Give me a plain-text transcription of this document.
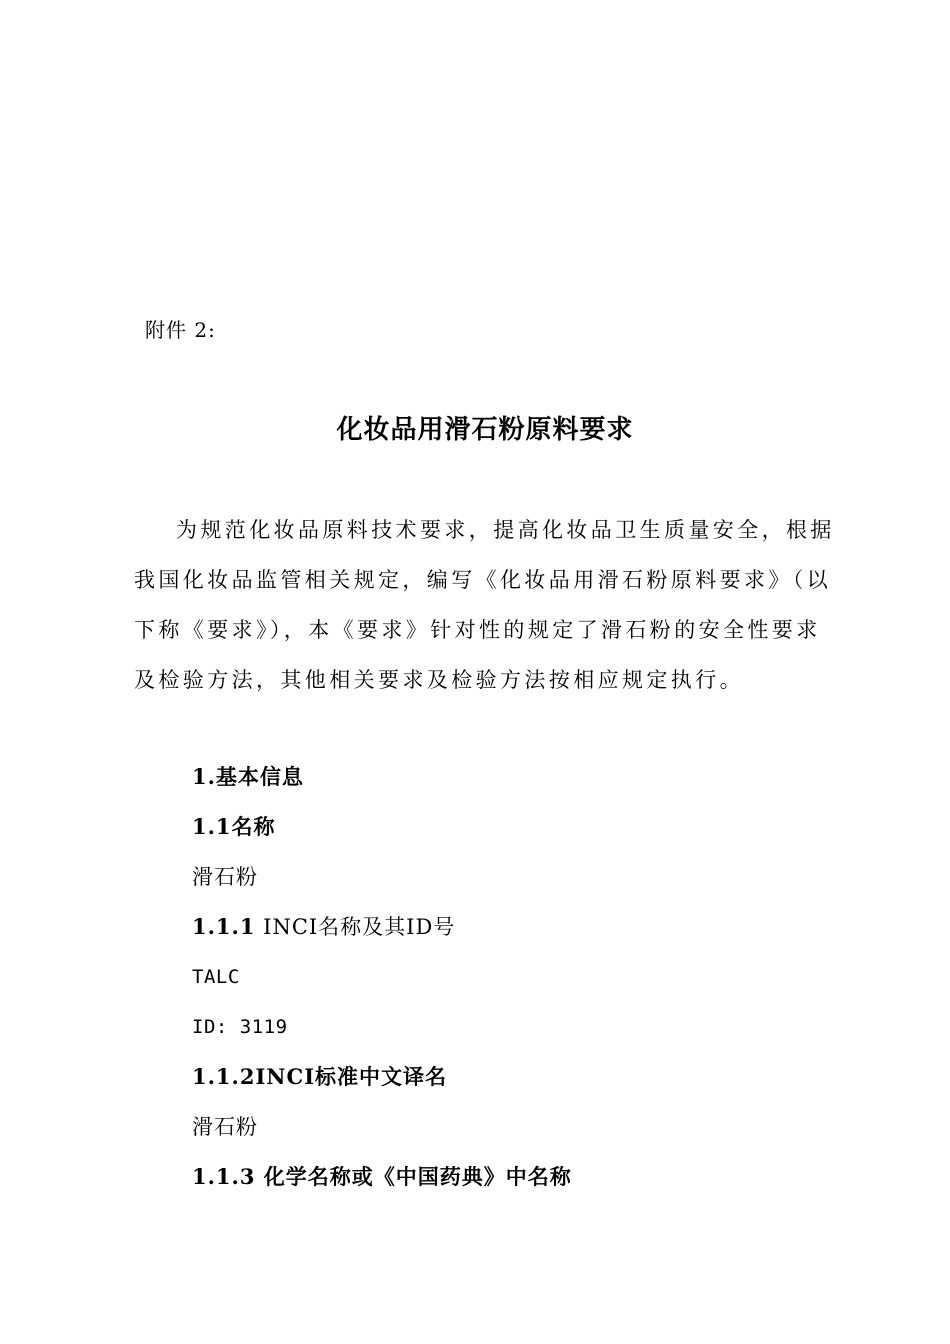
附件 2:
化妆品用滑石粉原料要求
为规范化妆品原料技术要求，提高化妆品卫生质量安全，根据
我国化妆品监管相关规定，编写《化妆品用滑石粉原料要求》（以
下称《要求》），本《要求》针对性的规定了滑石粉的安全性要求
及检验方法，其他相关要求及检验方法按相应规定执行。
1.基本信息
1.1名称
滑石粉
1.1.1 INCI名称及其ID号
TALC
ID: 3119
1.1.2INCI标准中文译名
滑石粉
1.1.3 化学名称或《中国药典》中名称
